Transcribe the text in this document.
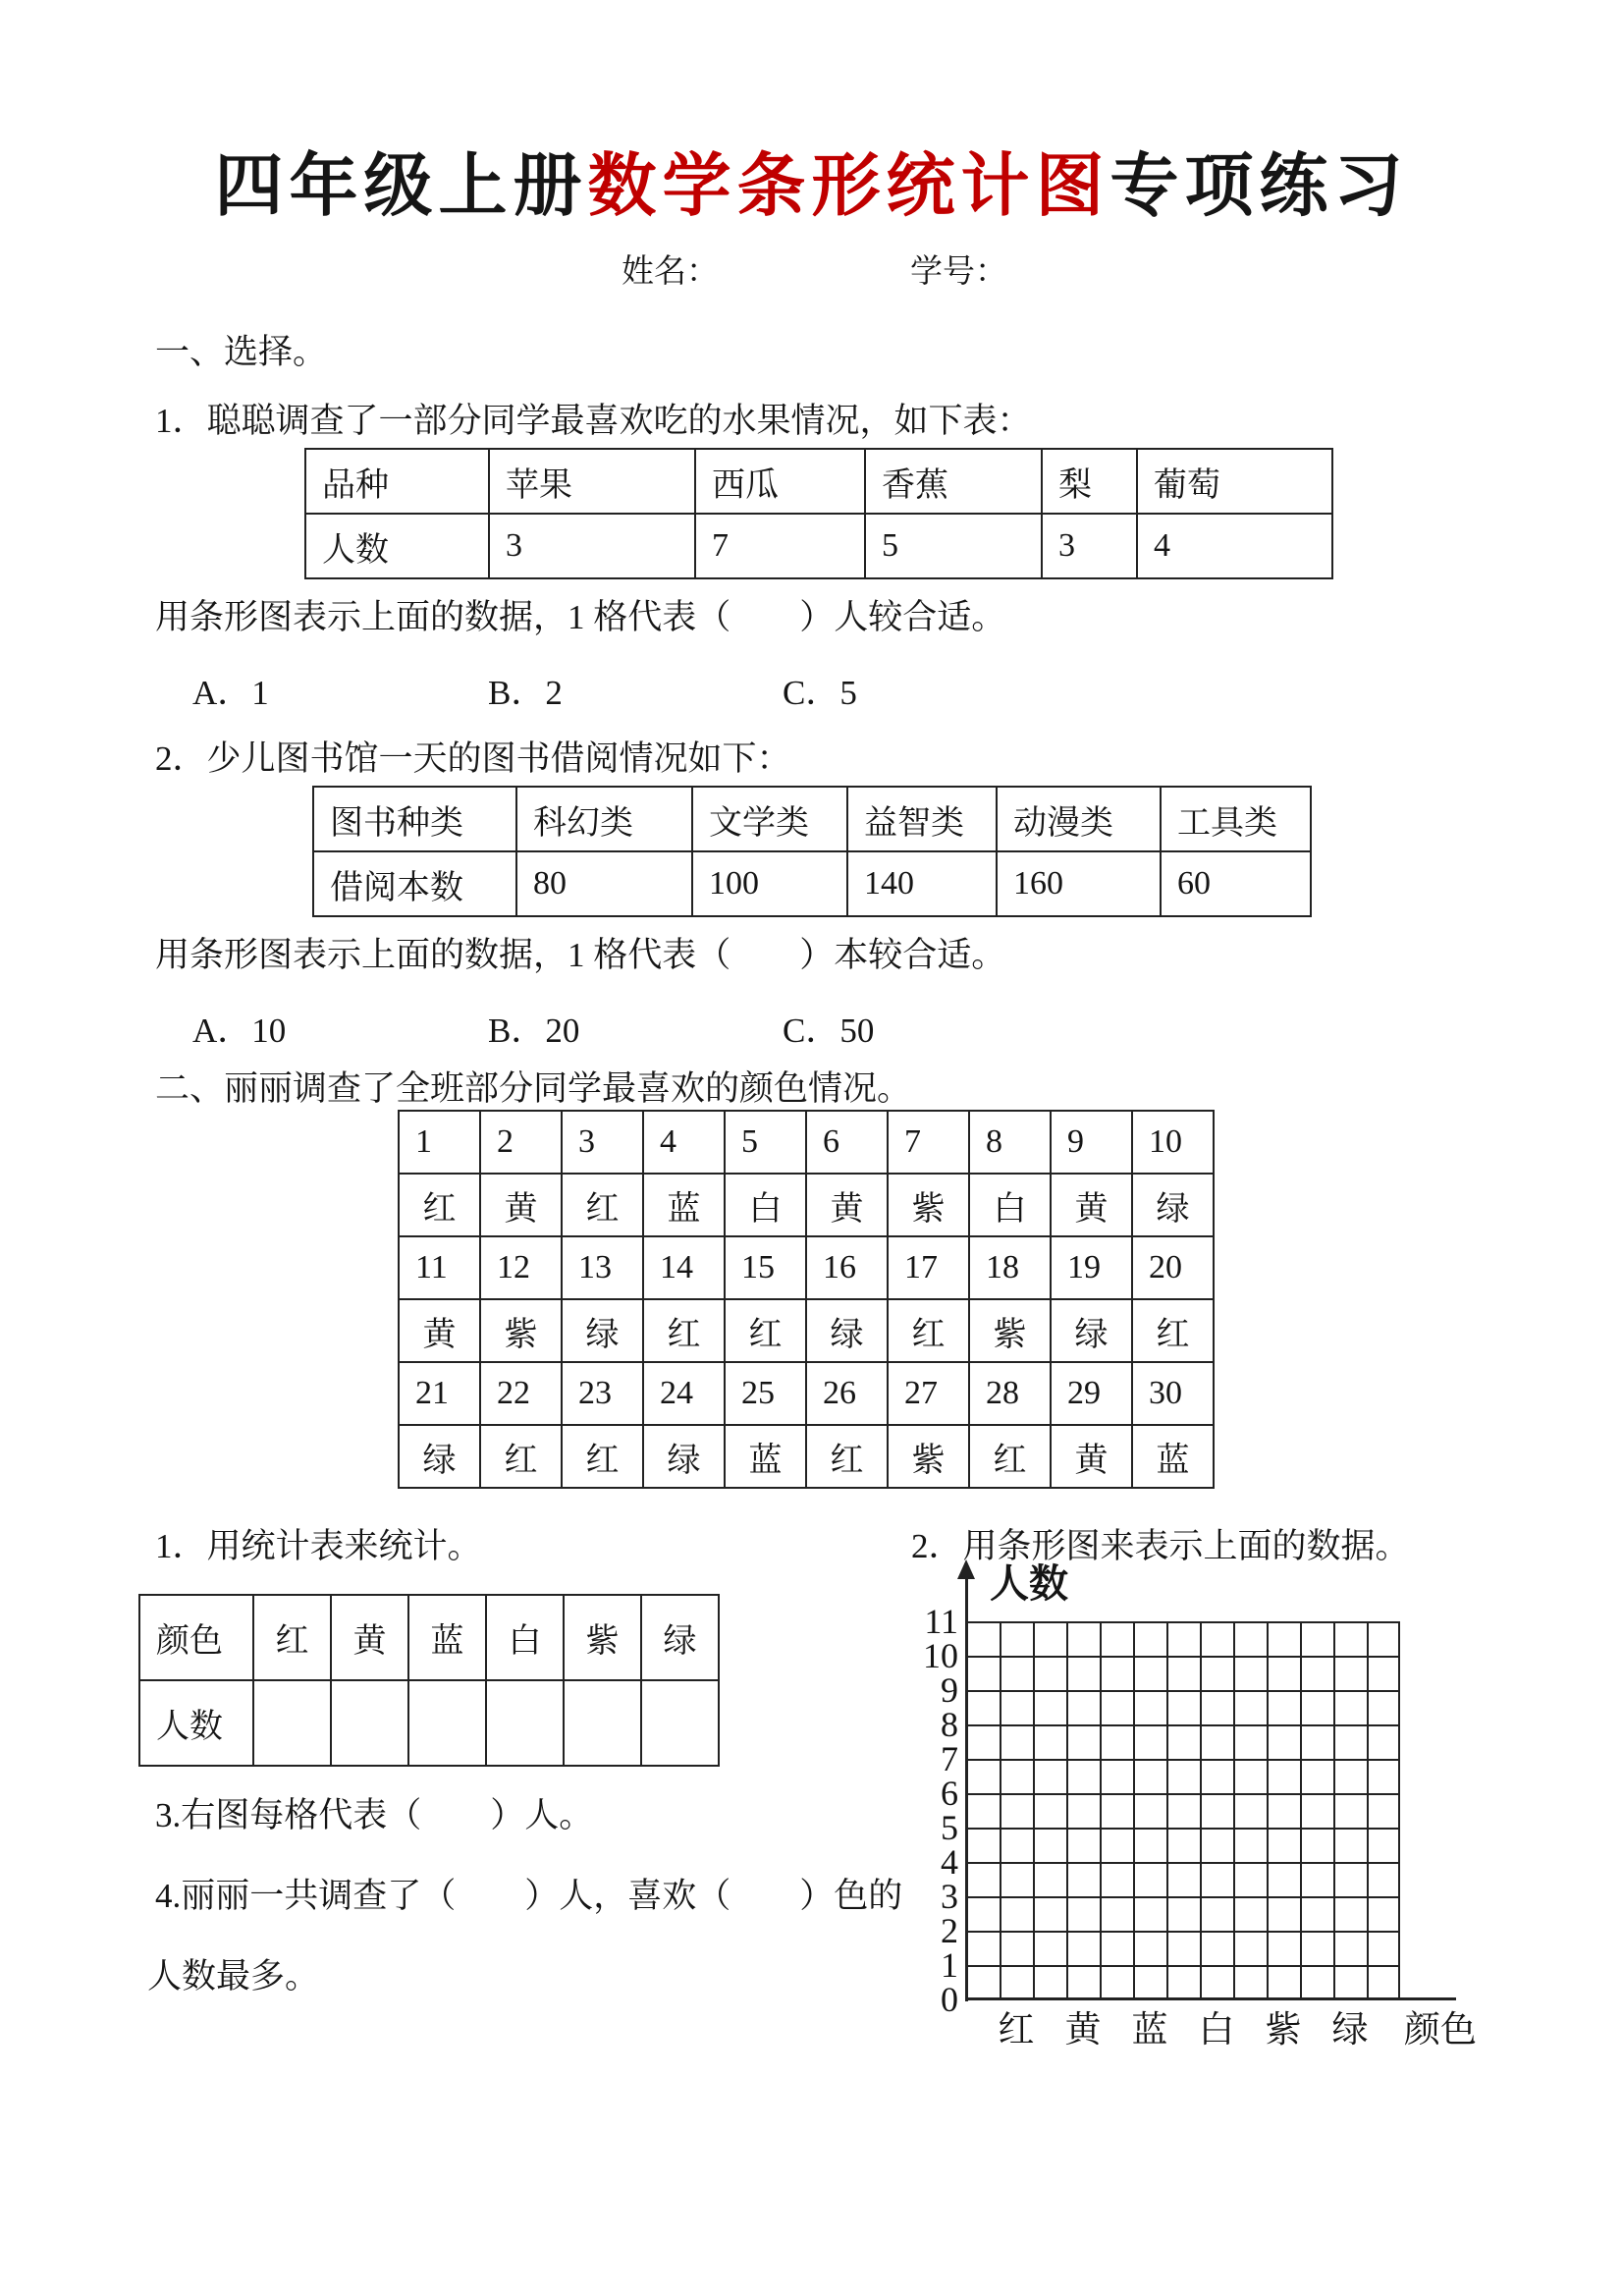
四年级上册数学条形统计图专项练习
姓名：	学号：
一、选择。
1．聪聪调查了一部分同学最喜欢吃的水果情况，如下表：
品种	苹果	西瓜	香蕉	梨	葡萄
人数	3	7	5	3	4
用条形图表示上面的数据，1 格代表（　　）人较合适。
A．1	B．2	C．5
2．少儿图书馆一天的图书借阅情况如下：
图书种类	科幻类	文学类	益智类	动漫类	工具类
借阅本数	80	100	140	160	60
用条形图表示上面的数据，1 格代表（　　）本较合适。
A．10	B．20	C．50
二、丽丽调查了全班部分同学最喜欢的颜色情况。
1	2	3	4	5	6	7	8	9	10
红	黄	红	蓝	白	黄	紫	白	黄	绿
11	12	13	14	15	16	17	18	19	20
黄	紫	绿	红	红	绿	红	紫	绿	红
21	22	23	24	25	26	27	28	29	30
绿	红	红	绿	蓝	红	紫	红	黄	蓝
1．用统计表来统计。	2．用条形图来表示上面的数据。
颜色	红	黄	蓝	白	紫	绿
人数						
3.右图每格代表（　　）人。
4.丽丽一共调查了（　　）人，喜欢（　　）色的
人数最多。
人数
11
10
9
8
7
6
5
4
3
2
1
0
红 黄 蓝 白 紫 绿 颜色
